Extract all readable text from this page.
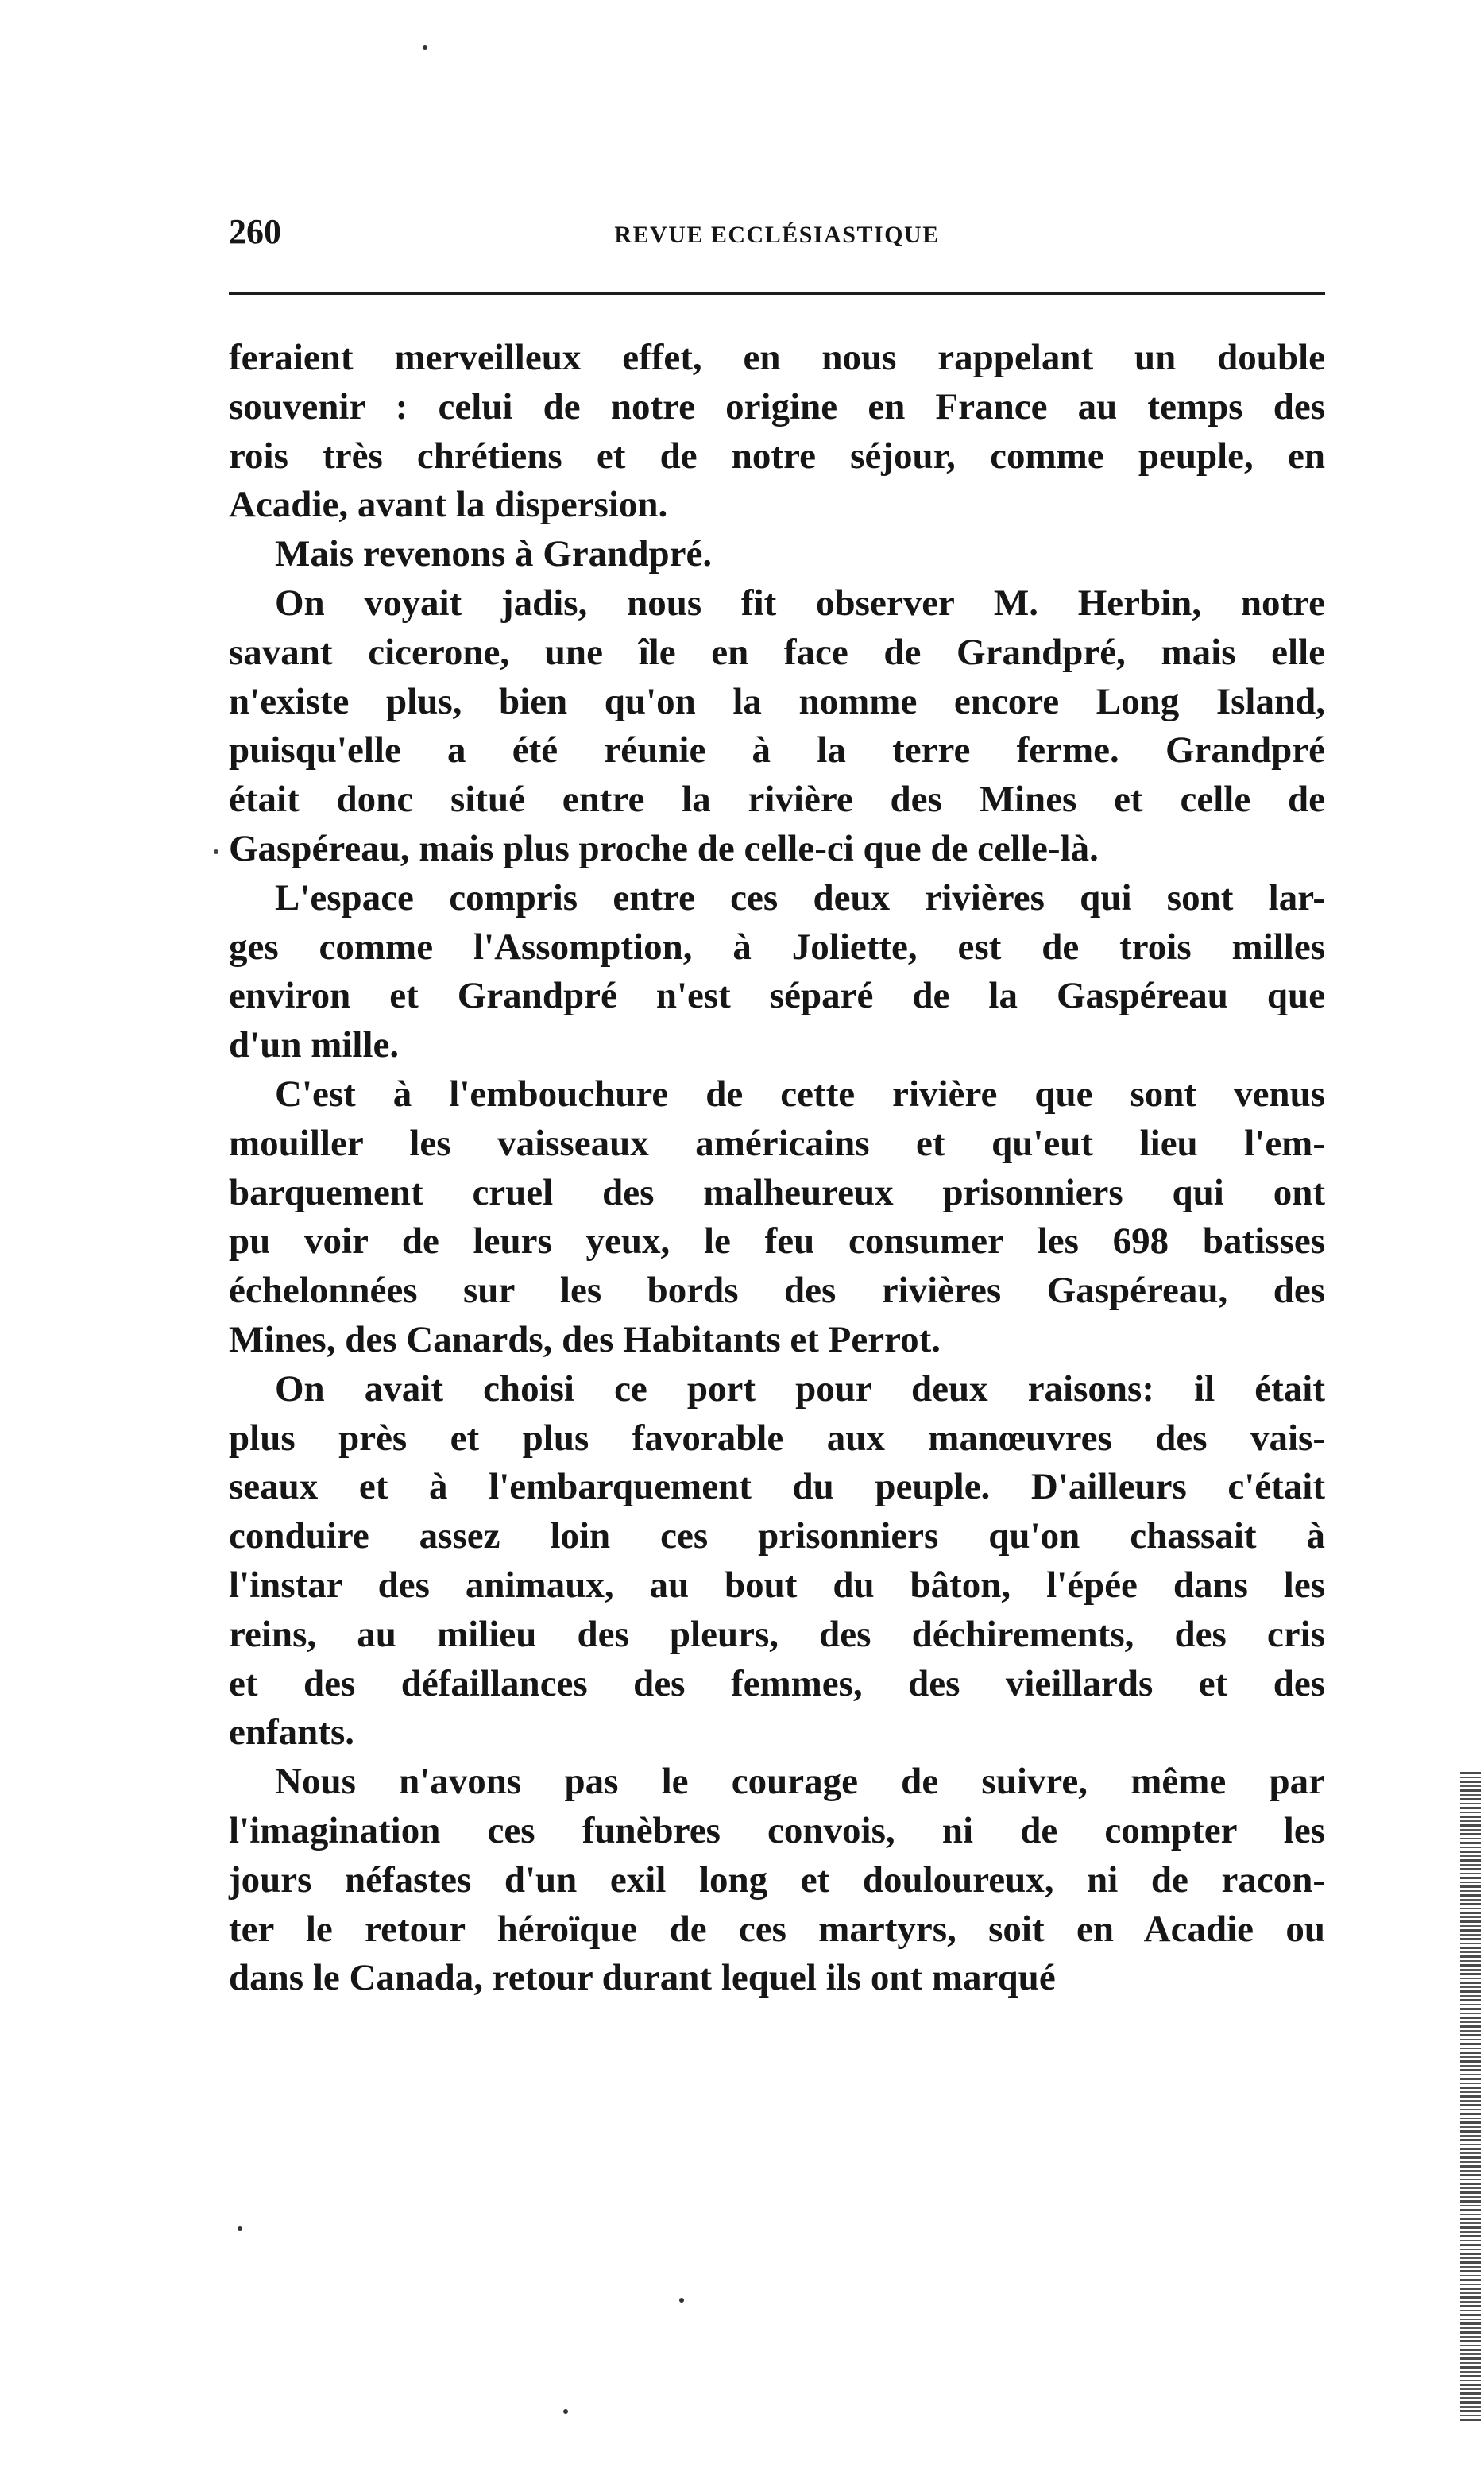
260	REVUE ECCLÉSIASTIQUE
feraient merveilleux effet, en nous rappelant un double
souvenir : celui de notre origine en France au temps des
rois très chrétiens et de notre séjour, comme peuple, en
Acadie, avant la dispersion.
Mais revenons à Grandpré.
On voyait jadis, nous fit observer M. Herbin, notre
savant cicerone, une île en face de Grandpré, mais elle
n'existe plus, bien qu'on la nomme encore Long Island,
puisqu'elle a été réunie à la terre ferme. Grandpré
était donc situé entre la rivière des Mines et celle de
Gaspéreau, mais plus proche de celle-ci que de celle-là.
L'espace compris entre ces deux rivières qui sont lar-
ges comme l'Assomption, à Joliette, est de trois milles
environ et Grandpré n'est séparé de la Gaspéreau que
d'un mille.
C'est à l'embouchure de cette rivière que sont venus
mouiller les vaisseaux américains et qu'eut lieu l'em-
barquement cruel des malheureux prisonniers qui ont
pu voir de leurs yeux, le feu consumer les 698 batisses
échelonnées sur les bords des rivières Gaspéreau, des
Mines, des Canards, des Habitants et Perrot.
On avait choisi ce port pour deux raisons: il était
plus près et plus favorable aux manœuvres des vais-
seaux et à l'embarquement du peuple. D'ailleurs c'était
conduire assez loin ces prisonniers qu'on chassait à
l'instar des animaux, au bout du bâton, l'épée dans les
reins, au milieu des pleurs, des déchirements, des cris
et des défaillances des femmes, des vieillards et des
enfants.
Nous n'avons pas le courage de suivre, même par
l'imagination ces funèbres convois, ni de compter les
jours néfastes d'un exil long et douloureux, ni de racon-
ter le retour héroïque de ces martyrs, soit en Acadie ou
dans le Canada, retour durant lequel ils ont marqué
